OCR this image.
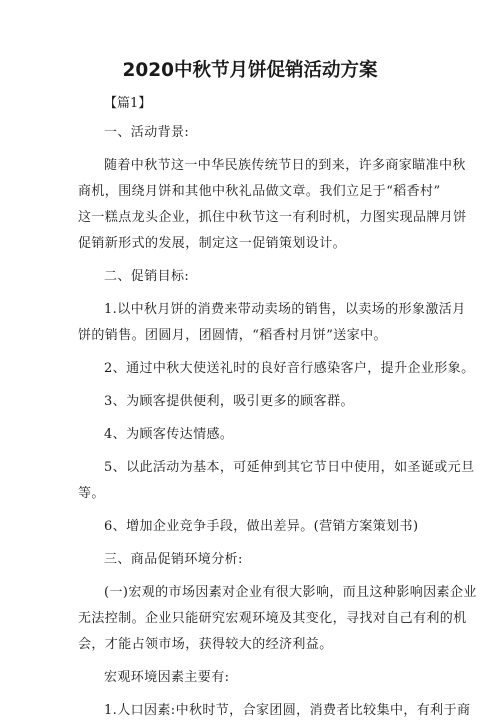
2020中秋节月饼促销活动方案
【篇1】

一、活动背景:

随着中秋节这一中华民族传统节日的到来，许多商家瞄准中秋

商机，围绕月饼和其他中秋礼品做文章。我们立足于“稻香村”

这一糕点龙头企业，抓住中秋节这一有利时机，力图实现品牌月饼

促销新形式的发展，制定这一促销策划设计。

二、促销目标:

1.以中秋月饼的消费来带动卖场的销售，以卖场的形象激活月

饼的销售。团圆月，团圆情，“稻香村月饼”送家中。

2、通过中秋大使送礼时的良好音行感染客户，提升企业形象。

3、为顾客提供便利，吸引更多的顾客群。

4、为顾客传达情感。

5、以此活动为基本，可延伸到其它节日中使用，如圣诞或元旦

等。

6、增加企业竞争手段，做出差异。(营销方案策划书)

三、商品促销环境分析:

(一)宏观的市场因素对企业有很大影响，而且这种影响因素企业

无法控制。企业只能研究宏观环境及其变化，寻找对自己有利的机

会，才能占领市场，获得较大的经济利益。

宏观环境因素主要有:

1.人口因素:中秋时节，合家团圆，消费者比较集中，有利于商
